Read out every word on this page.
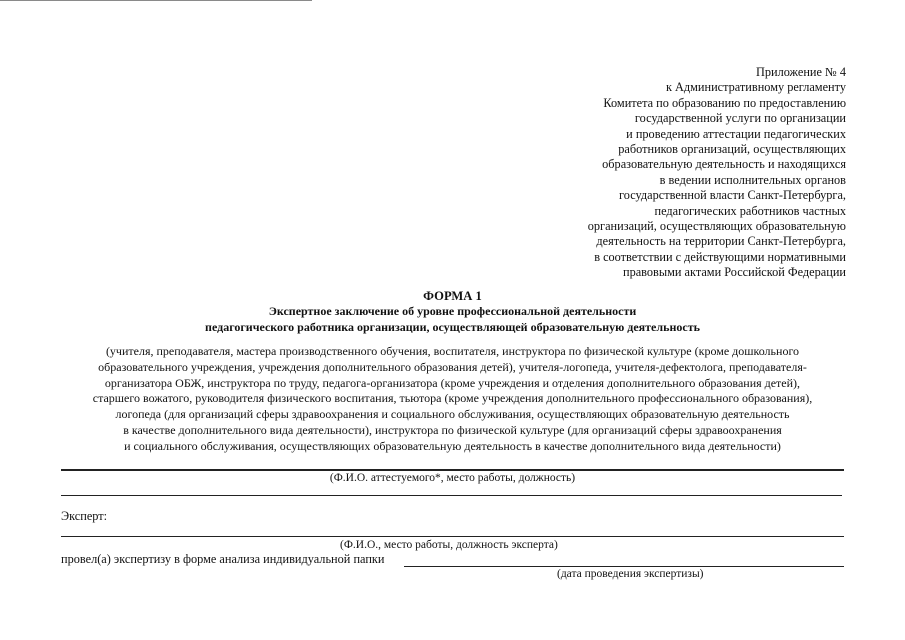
Приложение № 4
к Административному регламенту
Комитета по образованию по предоставлению
государственной услуги по организации
и проведению аттестации педагогических
работников организаций, осуществляющих
образовательную деятельность и находящихся
в ведении исполнительных органов
государственной власти Санкт-Петербурга,
педагогических работников частных
организаций, осуществляющих образовательную
деятельность на территории Санкт-Петербурга,
в соответствии с действующими нормативными
правовыми актами Российской Федерации
ФОРМА 1
Экспертное заключение об уровне профессиональной деятельности
педагогического работника организации, осуществляющей образовательную деятельность
(учителя, преподавателя, мастера производственного обучения, воспитателя, инструктора по физической культуре (кроме дошкольного
образовательного учреждения, учреждения дополнительного образования детей), учителя-логопеда, учителя-дефектолога, преподавателя-
организатора ОБЖ, инструктора по труду, педагога-организатора (кроме учреждения и отделения дополнительного образования детей),
старшего вожатого, руководителя физического воспитания, тьютора (кроме учреждения дополнительного профессионального образования),
логопеда (для организаций сферы здравоохранения и социального обслуживания, осуществляющих образовательную деятельность
в качестве дополнительного вида деятельности), инструктора по физической культуре (для организаций сферы здравоохранения
и социального обслуживания, осуществляющих образовательную деятельность в качестве дополнительного вида деятельности)
(Ф.И.О. аттестуемого*, место работы, должность)
Эксперт:
(Ф.И.О., место работы, должность эксперта)
провел(а) экспертизу в форме анализа индивидуальной папки
(дата проведения экспертизы)
